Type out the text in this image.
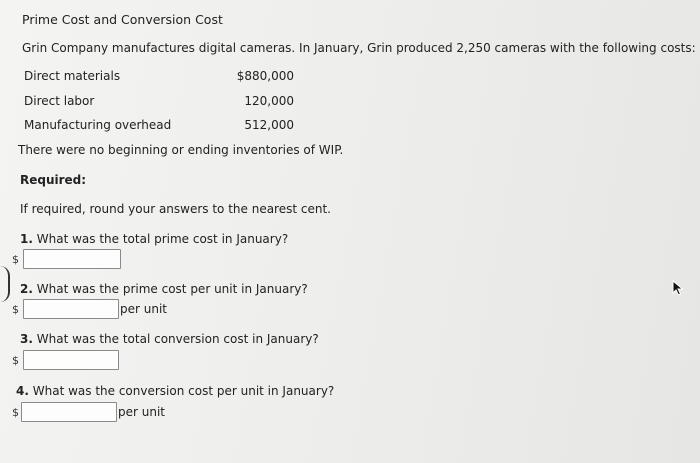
Prime Cost and Conversion Cost
Grin Company manufactures digital cameras. In January, Grin produced 2,250 cameras with the following costs:
Direct materials	$880,000
Direct labor	120,000
Manufacturing overhead	512,000
There were no beginning or ending inventories of WIP.
Required:
If required, round your answers to the nearest cent.
1. What was the total prime cost in January?
$
2. What was the prime cost per unit in January?
$	per unit
3. What was the total conversion cost in January?
$
4. What was the conversion cost per unit in January?
$	per unit
